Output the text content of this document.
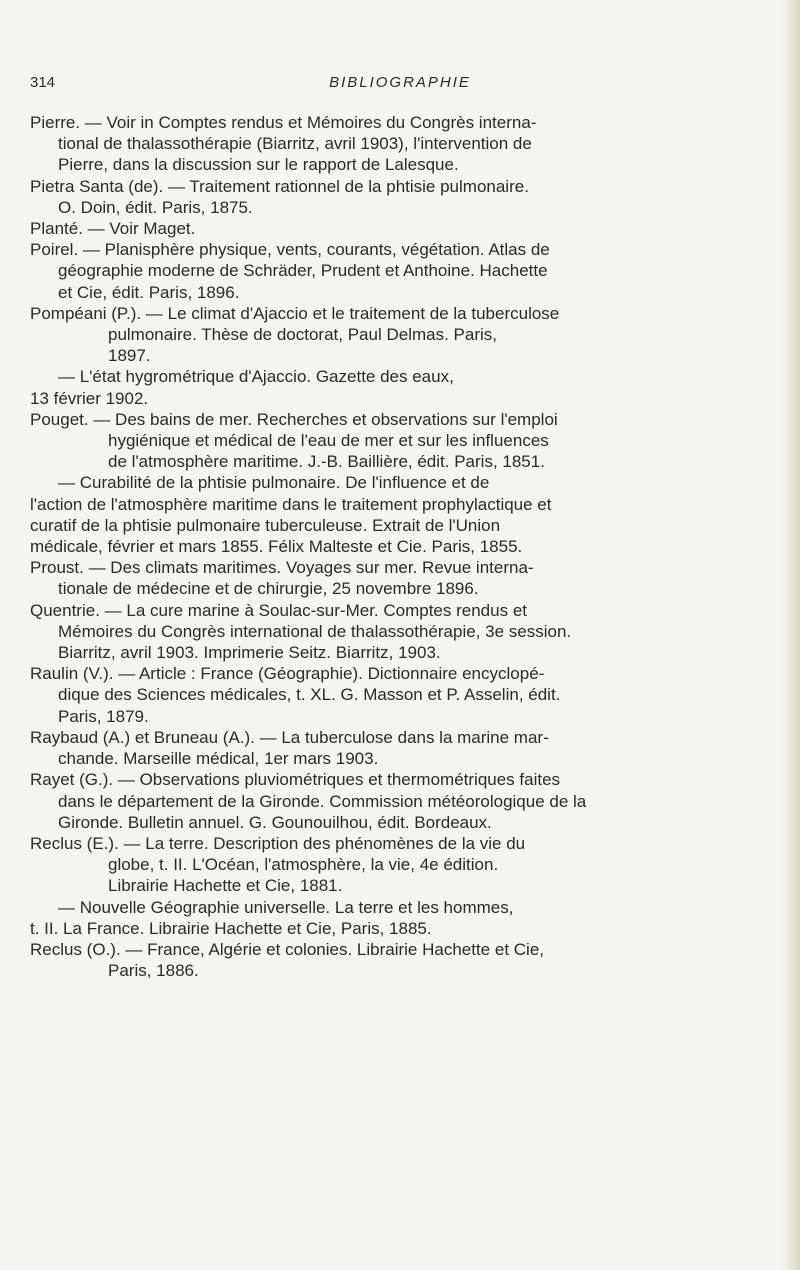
314	BIBLIOGRAPHIE
Pierre. — Voir in Comptes rendus et Mémoires du Congrès interna-
tional de thalassothérapie (Biarritz, avril 1903), l'intervention de
Pierre, dans la discussion sur le rapport de Lalesque.
Pietra Santa (de). — Traitement rationnel de la phtisie pulmonaire.
O. Doin, édit. Paris, 1875.
Planté. — Voir Maget.
Poirel. — Planisphère physique, vents, courants, végétation. Atlas de
géographie moderne de Schräder, Prudent et Anthoine. Hachette
et Cie, édit. Paris, 1896.
Pompéani (P.). — Le climat d'Ajaccio et le traitement de la tuberculose
pulmonaire. Thèse de doctorat, Paul Delmas. Paris,
1897.
— L'état hygrométrique d'Ajaccio. Gazette des eaux,
13 février 1902.
Pouget. — Des bains de mer. Recherches et observations sur l'emploi
hygiénique et médical de l'eau de mer et sur les influences
de l'atmosphère maritime. J.-B. Baillière, édit. Paris, 1851.
— Curabilité de la phtisie pulmonaire. De l'influence et de
l'action de l'atmosphère maritime dans le traitement prophylactique et
curatif de la phtisie pulmonaire tuberculeuse. Extrait de l'Union
médicale, février et mars 1855. Félix Malteste et Cie. Paris, 1855.
Proust. — Des climats maritimes. Voyages sur mer. Revue interna-
tionale de médecine et de chirurgie, 25 novembre 1896.
Quentrie. — La cure marine à Soulac-sur-Mer. Comptes rendus et
Mémoires du Congrès international de thalassothérapie, 3e session.
Biarritz, avril 1903. Imprimerie Seitz. Biarritz, 1903.
Raulin (V.). — Article : France (Géographie). Dictionnaire encyclopé-
dique des Sciences médicales, t. XL. G. Masson et P. Asselin, édit.
Paris, 1879.
Raybaud (A.) et Bruneau (A.). — La tuberculose dans la marine mar-
chande. Marseille médical, 1er mars 1903.
Rayet (G.). — Observations pluviométriques et thermométriques faites
dans le département de la Gironde. Commission météorologique de la
Gironde. Bulletin annuel. G. Gounouilhou, édit. Bordeaux.
Reclus (E.). — La terre. Description des phénomènes de la vie du
globe, t. II. L'Océan, l'atmosphère, la vie, 4e édition.
Librairie Hachette et Cie, 1881.
— Nouvelle Géographie universelle. La terre et les hommes,
t. II. La France. Librairie Hachette et Cie, Paris, 1885.
Reclus (O.). — France, Algérie et colonies. Librairie Hachette et Cie,
Paris, 1886.
